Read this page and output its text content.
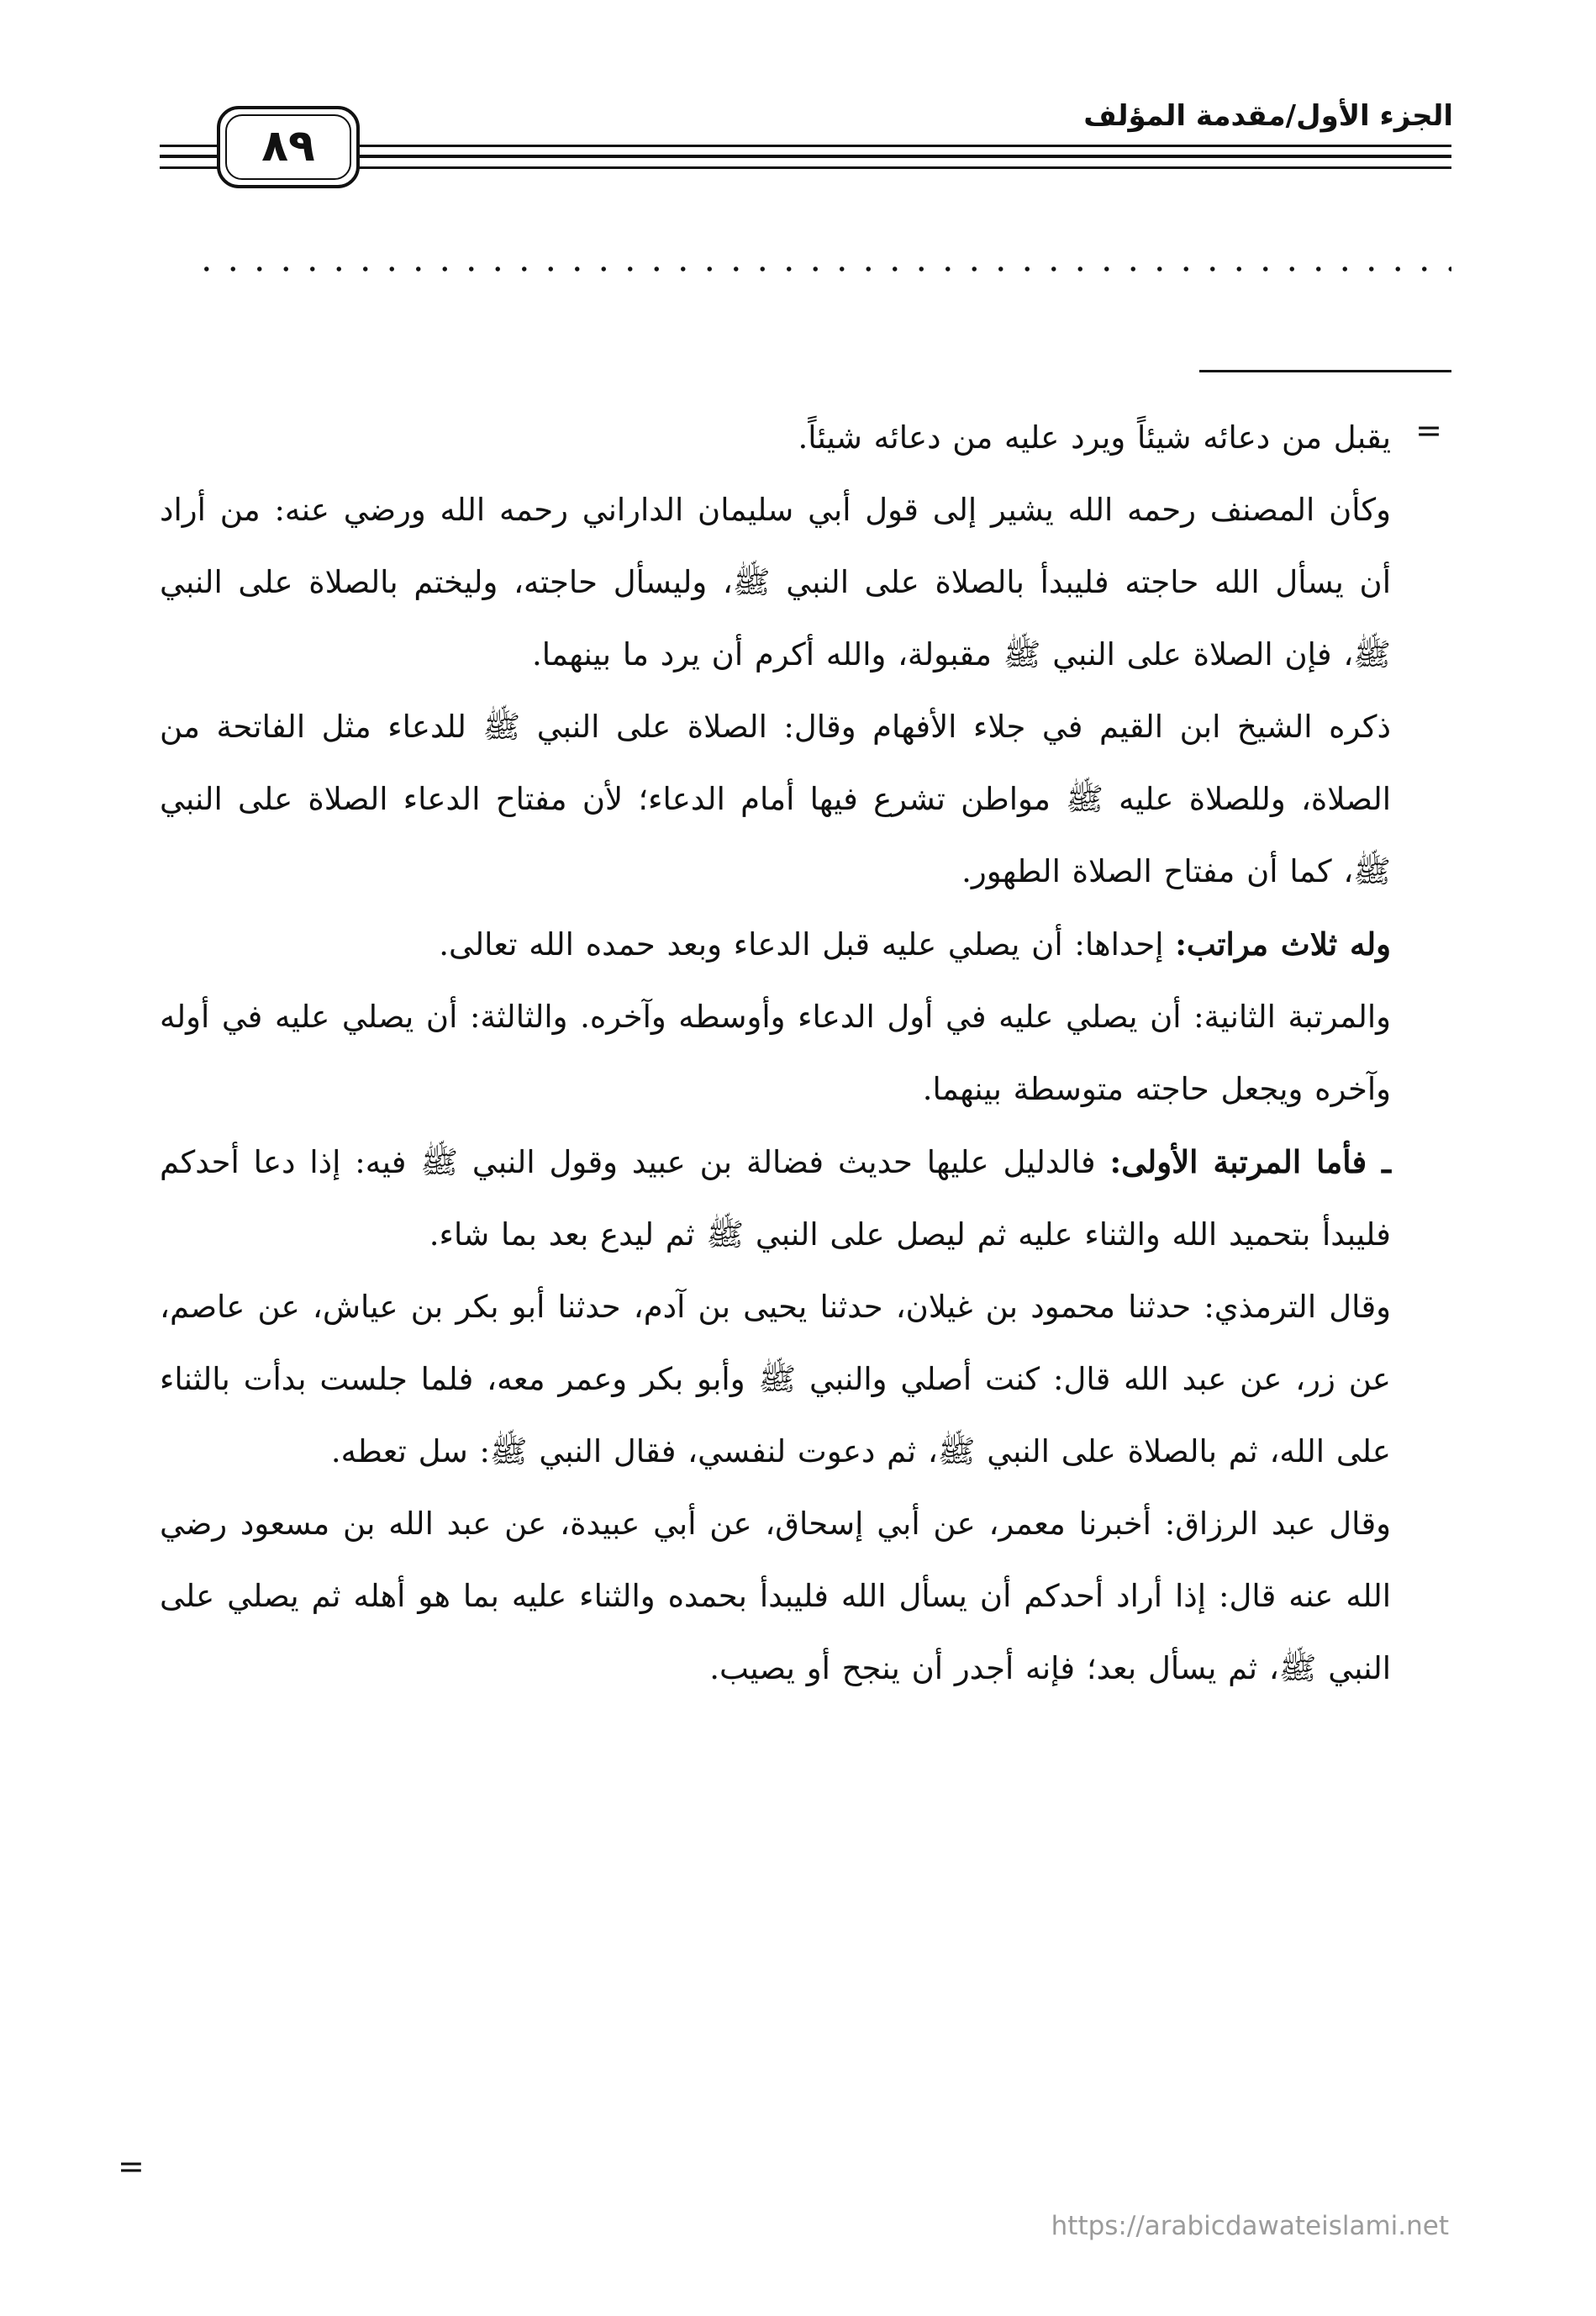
الجزء الأول/مقدمة المؤلف
٨٩
=

يقبل من دعائه شيئاً ويرد عليه من دعائه شيئاً.

وكأن المصنف رحمه الله يشير إلى قول أبي سليمان الداراني رحمه الله ورضي عنه: من أراد أن يسأل الله حاجته فليبدأ بالصلاة على النبي ﷺ، وليسأل حاجته، وليختم بالصلاة على النبي ﷺ، فإن الصلاة على النبي ﷺ مقبولة، والله أكرم أن يرد ما بينهما.

ذكره الشيخ ابن القيم في جلاء الأفهام وقال: الصلاة على النبي ﷺ للدعاء مثل الفاتحة من الصلاة، وللصلاة عليه ﷺ مواطن تشرع فيها أمام الدعاء؛ لأن مفتاح الدعاء الصلاة على النبي ﷺ، كما أن مفتاح الصلاة الطهور.

وله ثلاث مراتب: إحداها: أن يصلي عليه قبل الدعاء وبعد حمده الله تعالى.

والمرتبة الثانية: أن يصلي عليه في أول الدعاء وأوسطه وآخره. والثالثة: أن يصلي عليه في أوله وآخره ويجعل حاجته متوسطة بينهما.

ـ فأما المرتبة الأولى: فالدليل عليها حديث فضالة بن عبيد وقول النبي ﷺ فيه: إذا دعا أحدكم فليبدأ بتحميد الله والثناء عليه ثم ليصل على النبي ﷺ ثم ليدع بعد بما شاء.

وقال الترمذي: حدثنا محمود بن غيلان، حدثنا يحيى بن آدم، حدثنا أبو بكر بن عياش، عن عاصم، عن زر، عن عبد الله قال: كنت أصلي والنبي ﷺ وأبو بكر وعمر معه، فلما جلست بدأت بالثناء على الله، ثم بالصلاة على النبي ﷺ، ثم دعوت لنفسي، فقال النبي ﷺ: سل تعطه.

وقال عبد الرزاق: أخبرنا معمر، عن أبي إسحاق، عن أبي عبيدة، عن عبد الله بن مسعود رضي الله عنه قال: إذا أراد أحدكم أن يسأل الله فليبدأ بحمده والثناء عليه بما هو أهله ثم يصلي على النبي ﷺ، ثم يسأل بعد؛ فإنه أجدر أن ينجح أو يصيب.

=
https://arabicdawateislami.net
